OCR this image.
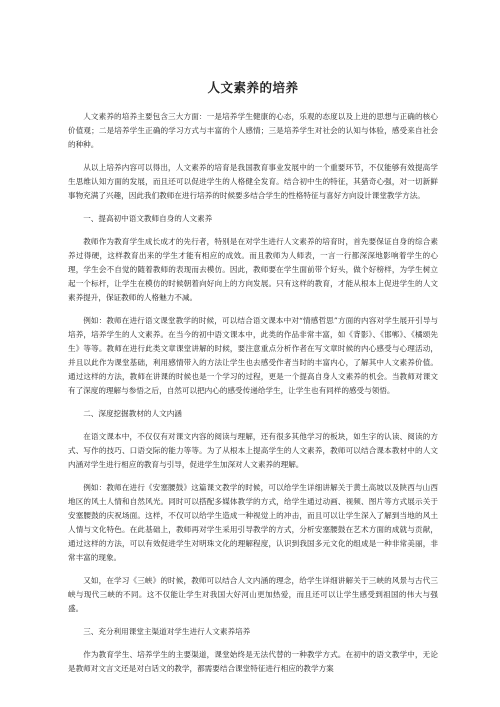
人文素养的培养

人文素养的培养主要包含三大方面：一是培养学生健康的心态，乐观的态度以及上进的思想与正确的核心价值观；二是培养学生正确的学习方式与丰富的个人感情；三是培养学生对社会的认知与体验，感受来自社会的种种。

从以上培养内容可以得出，人文素养的培育是我国教育事业发展中的一个重要环节，不仅能够有效提高学生思维认知方面的发展，而且还可以促进学生的人格健全发育。结合初中生的特征，其猎奇心强，对一切新鲜事物充满了兴趣，因此我们教师在进行培养的时候要多结合学生的性格特征与喜好方向设计课堂教学方法。

一、提高初中语文教师自身的人文素养

教师作为教育学生成长成才的先行者，特别是在对学生进行人文素养的培育时，首先要保证自身的综合素养过得硬，这样教育出来的学生才能有相应的成效。而且教师为人师表，一言一行都深深地影响着学生的心理，学生会不自觉的随着教师的表现而去模仿。因此，教师要在学生面前带个好头，做个好榜样，为学生树立起一个标杆，让学生在模仿的时候朝着向好向上的方向发展。只有这样的教育，才能从根本上促进学生的人文素养提升，保证教师的人格魅力不减。

例如：教师在进行语文课堂教学的时候，可以结合语文课本中对“情感哲思”方面的内容对学生展开引导与培养，培养学生的人文素养。在当今的初中语文课本中，此类的作品非常丰富，如《背影》、《邯郸》、《橘颂先生》等等。教师在进行此类文章课堂讲解的时候，要注意重点分析作者在写文章时候的内心感受与心理活动，并且以此作为课堂基础，利用感情带入的方法让学生也去感受作者当时的丰富内心，了解其中人文素养价值。通过这样的方法，教师在讲课的时候也是一个学习的过程，更是一个提高自身人文素养的机会。当教师对课文有了深度的理解与参悟之后，自然可以把内心的感受传递给学生，让学生也有同样的感受与领悟。

二、深度挖掘教材的人文内涵

在语文课本中，不仅仅有对课文内容的阅读与理解，还有很多其他学习的板块，如生字的认读、阅读的方式、写作的技巧、口语交际的能力等等。为了从根本上提高学生的人文素养，教师可以结合课本教材中的人文内涵对学生进行相应的教育与引导，促进学生加深对人文素养的理解。

例如：教师在进行《安塞腰鼓》这篇课文教学的时候，可以给学生详细讲解关于黄土高坡以及陕西与山西地区的风土人情和自然风光。同时可以搭配多媒体教学的方式，给学生通过动画、视频、图片等方式展示关于安塞腰鼓的庆祝场面。这样，不仅可以给学生造成一种视觉上的冲击，而且可以让学生深入了解到当地的风土人情与文化特色。在此基础上，教师再对学生采用引导教学的方式，分析安塞腰鼓在艺术方面的成就与贡献，通过这样的方法，可以有效促进学生对明珠文化的理解程度，认识到我国多元文化的组成是一种非常美丽，非常丰富的现象。

又如，在学习《三峡》的时候，教师可以结合人文内涵的理念，给学生详细讲解关于三峡的风景与古代三峡与现代三峡的不同。这不仅能让学生对我国大好河山更加热爱，而且还可以让学生感受到祖国的伟大与强盛。

三、充分利用课堂主渠道对学生进行人文素养培养

作为教育学生、培养学生的主要渠道，课堂始终是无法代替的一种教学方式。在初中的语文教学中，无论是教师对文言文还是对白话文的教学，都需要结合课堂特征进行相应的教学方案
